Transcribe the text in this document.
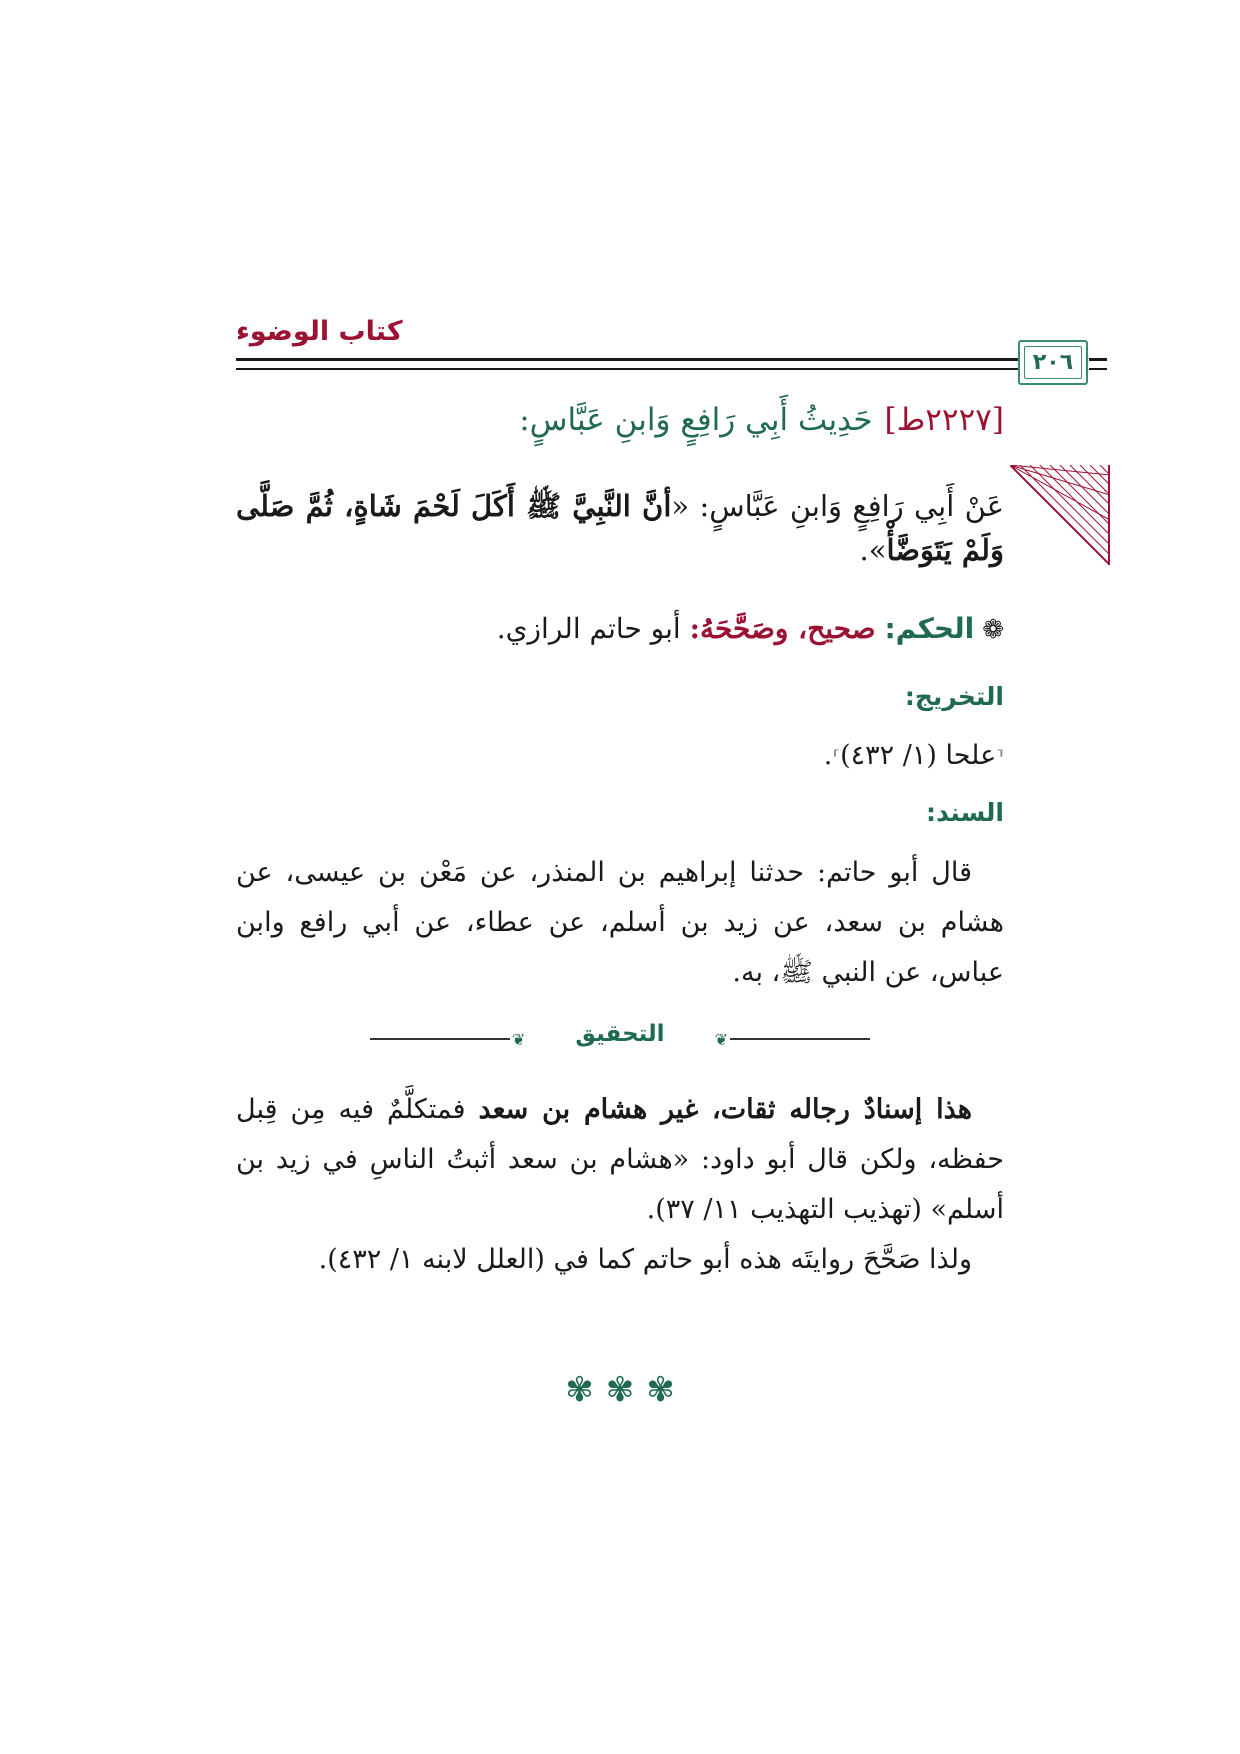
كتاب الوضوء
٢٠٦
[٢٢٢٧ط]حَدِيثُ أَبِي رَافِعٍ وَابنِ عَبَّاسٍ:
عَنْ أَبِي رَافِعٍ وَابنِ عَبَّاسٍ: «أنَّ النَّبِيَّ ﷺ أَكَلَ لَحْمَ شَاةٍ، ثُمَّ صَلَّى وَلَمْ يَتَوَضَّأْ».
❁الحكم: صحيح، وصَحَّحَهُ: أبو حاتم الرازي.
التخريج:
⸢علحا (١/ ٤٣٢)⸣.
السند:
قال أبو حاتم: حدثنا إبراهيم بن المنذر، عن مَعْن بن عيسى، عن هشام بن سعد، عن زيد بن أسلم، عن عطاء، عن أبي رافع وابن عباس، عن النبي ﷺ، به.
❦	❦
التحقيق
هذا إسنادٌ رجاله ثقات، غير هشام بن سعد فمتكلَّمٌ فيه مِن قِبل حفظه، ولكن قال أبو داود: «هشام بن سعد أثبتُ الناسِ في زيد بن أسلم» (تهذيب التهذيب ١١/ ٣٧).
ولذا صَحَّحَ روايتَه هذه أبو حاتم كما في (العلل لابنه ١/ ٤٣٢).
✾ ✾ ✾
